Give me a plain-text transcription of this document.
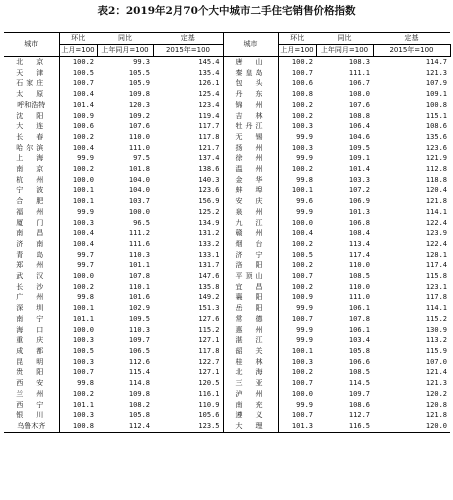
表2：2019年2月70个大中城市二手住宅销售价格指数
城市	环比	同比	定基	城市	环比	同比	定基
	上月=100	上年同月=100	2015年=100		上月=100	上年同月=100	2015年=100
北　京	100.2	99.3	145.4	唐　山	100.2	108.3	114.7
天　津	100.5	105.5	135.4	秦皇岛	100.7	111.1	121.3
石家庄	100.7	105.9	126.1	包　头	100.6	106.7	107.9
太　原	100.4	109.8	125.4	丹　东	100.8	108.0	109.1
呼和浩特	101.4	120.3	123.4	锦　州	100.2	107.6	100.8
沈　阳	100.9	109.2	119.4	吉　林	100.2	108.8	115.1
大　连	100.6	107.6	117.7	牡丹江	100.3	106.4	108.6
长　春	100.2	110.0	117.8	无　锡	99.9	104.6	135.6
哈尔滨	100.4	111.0	121.7	扬　州	100.3	109.5	123.6
上　海	99.9	97.5	137.4	徐　州	99.9	109.1	121.9
南　京	100.2	101.8	138.6	温　州	100.2	101.4	112.8
杭　州	100.0	104.0	140.3	金　华	99.8	103.3	118.8
宁　波	100.1	104.0	123.6	蚌　埠	100.1	107.2	120.4
合　肥	100.1	103.7	156.9	安　庆	99.6	106.9	121.8
福　州	99.9	100.0	125.2	泉　州	99.9	101.3	114.1
厦　门	100.3	96.5	134.9	九　江	100.0	106.8	122.4
南　昌	100.4	111.2	131.2	赣　州	100.4	108.4	123.9
济　南	100.4	111.6	133.2	烟　台	100.2	113.4	122.4
青　岛	99.7	110.3	133.1	济　宁	100.5	117.4	128.1
郑　州	99.7	101.1	131.7	洛　阳	100.2	110.0	117.4
武　汉	100.0	107.8	147.6	平顶山	100.7	108.5	115.8
长　沙	100.2	110.1	135.8	宜　昌	100.2	110.0	123.1
广　州	99.8	101.6	149.2	襄　阳	100.9	111.0	117.8
深　圳	100.1	102.9	151.3	岳　阳	99.9	106.1	114.1
南　宁	101.1	109.5	127.6	常　德	100.7	107.8	115.2
海　口	100.0	110.3	115.2	惠　州	99.9	106.1	130.9
重　庆	100.3	109.7	127.1	湛　江	99.9	103.4	113.2
成　都	100.5	106.5	117.8	韶　关	100.1	105.8	115.9
昆　明	100.3	112.6	122.7	桂　林	100.3	106.6	107.0
贵　阳	100.7	115.4	127.1	北　海	100.2	108.5	121.4
西　安	99.8	114.8	120.5	三　亚	100.7	114.5	121.3
兰　州	100.2	109.8	116.1	泸　州	100.0	109.7	120.2
西　宁	101.1	108.2	110.9	南　充	99.9	108.6	120.8
银　川	100.3	105.8	105.6	遵　义	100.7	112.7	121.8
乌鲁木齐	100.8	112.4	123.5	大　理	101.3	116.5	120.0
